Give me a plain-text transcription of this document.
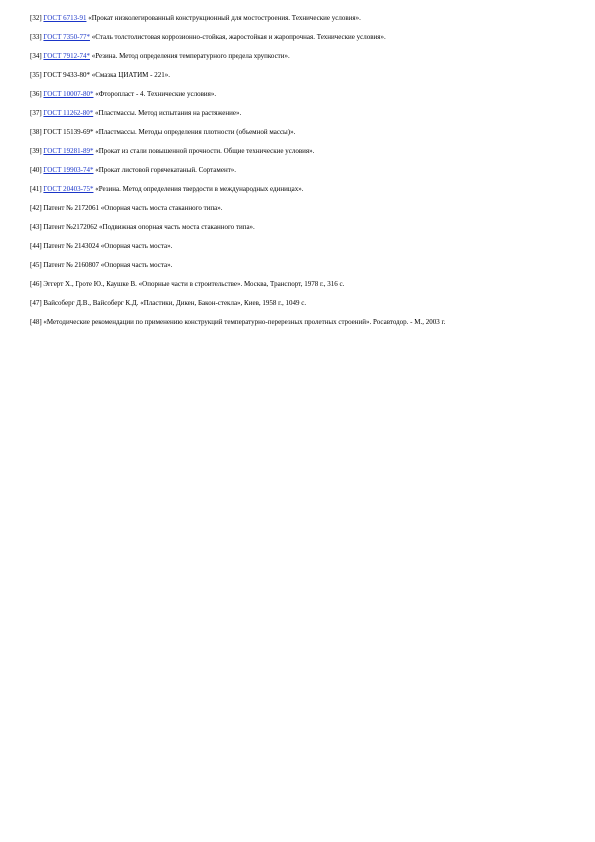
[32] ГОСТ 6713-91 «Прокат низколегированный конструкционный для мостостроения. Технические условия».

[33] ГОСТ 7350-77* «Сталь толстолистовая коррозионно-стойкая, жаростойкая и жаропрочная. Технические условия».

[34] ГОСТ 7912-74* «Резина. Метод определения температурного предела хрупкости».

[35] ГОСТ 9433-80* «Смазка ЦИАТИМ - 221».

[36] ГОСТ 10007-80* «Фторопласт - 4. Технические условия».

[37] ГОСТ 11262-80* «Пластмассы. Метод испытания на растяжение».

[38] ГОСТ 15139-69* «Пластмассы. Методы определения плотности (объемной массы)».

[39] ГОСТ 19281-89* «Прокат из стали повышенной прочности. Общие технические условия».

[40] ГОСТ 19903-74* «Прокат листовой горячекатаный. Сортамент».

[41] ГОСТ 20403-75* «Резина. Метод определения твердости в международных единицах».

[42] Патент № 2172061 «Опорная часть моста стаканного типа».

[43] Патент №2172062 «Подвижная опорная часть моста стаканного типа».

[44] Патент № 2143024 «Опорная часть моста».

[45] Патент № 2160807 «Опорная часть моста».

[46] Эггерт Х., Гроте Ю., Каушке В. «Опорные части в строительстве». Москва, Транспорт, 1978 г., 316 с.

[47] Вайсоберг Д.В., Вайсоберг К.Д. «Пластики, Дикен, Бакон-стекла», Киев, 1958 г., 1049 с.

[48] «Методические рекомендации по применению конструкций температурно-перерезных пролетных строений». Росавтодор. - М., 2003 г.
